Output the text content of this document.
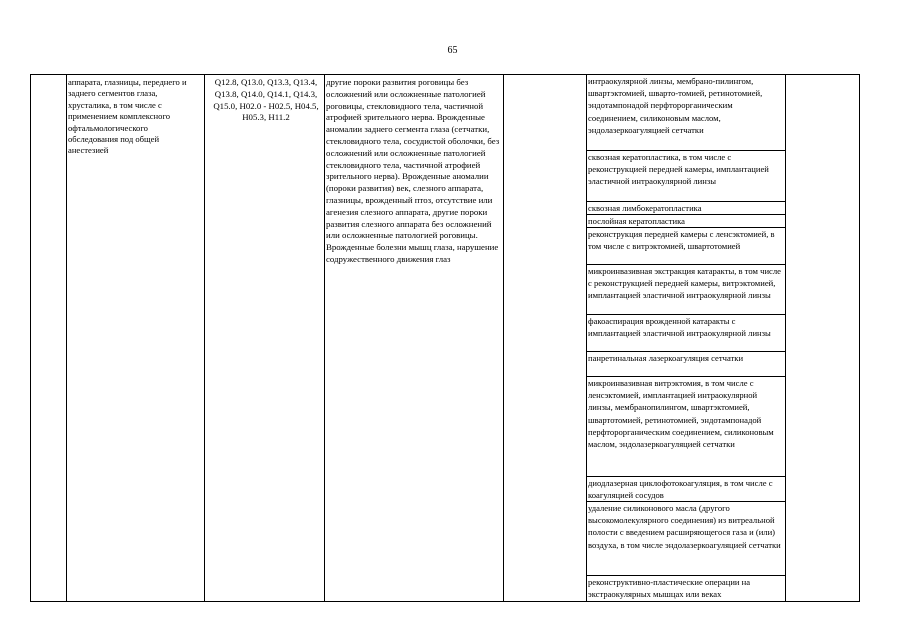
65
аппарата, глазницы, переднего и заднего сегментов глаза, хрусталика, в том числе с применением комплексного офтальмологического обследования под общей анестезией
Q12.8, Q13.0, Q13.3, Q13.4, Q13.8, Q14.0, Q14.1, Q14.3, Q15.0, H02.0 - H02.5, H04.5, H05.3, H11.2
другие пороки развития роговицы без осложнений или осложненные патологией роговицы, стекловидного тела, частичной атрофией зрительного нерва. Врожденные аномалии заднего сегмента глаза (сетчатки, стекловидного тела, сосудистой оболочки, без осложнений или осложненные патологией стекловидного тела, частичной атрофией зрительного нерва). Врожденные аномалии (пороки развития) век, слезного аппарата, глазницы, врожденный птоз, отсутствие или агенезия слезного аппарата, другие пороки развития слезного аппарата без осложнений или осложненные патологией роговицы. Врожденные болезни мышц глаза, нарушение содружественного движения глаз
интраокулярной линзы, мембрано-пилингом, швартэктомией, шварто-томией, ретинотомией, эндотампонадой перфторорганическим соединением, силиконовым маслом, эндолазеркоагуляцией сетчатки
сквозная кератопластика, в том числе с реконструкцией передней камеры, имплантацией эластичной интраокулярной линзы
сквозная лимбокератопластика
послойная кератопластика
реконструкция передней камеры с ленсэктомией, в том числе с витрэктомией, швартотомией
микроинвазивная экстракция катаракты, в том числе с реконструкцией передней камеры, витрэктомией, имплантацией эластичной интраокулярной линзы
факоаспирация врожденной катаракты с имплантацией эластичной интраокулярной линзы
панретинальная лазеркоагуляция сетчатки
микроинвазивная витрэктомия, в том числе с ленсэктомией, имплантацией интраокулярной линзы, мембранопилингом, швартэктомией, швартотомией, ретинотомией, эндотампонадой перфторорганическим соединением, силиконовым маслом, эндолазеркоагуляцией сетчатки
диодлазерная циклофотокоагуляция, в том числе с коагуляцией сосудов
удаление силиконового масла (другого высокомолекулярного соединения) из витреальной полости с введением расширяющегося газа и (или) воздуха, в том числе эндолазеркоагуляцией сетчатки
реконструктивно-пластические операции на экстраокулярных мышцах или веках
